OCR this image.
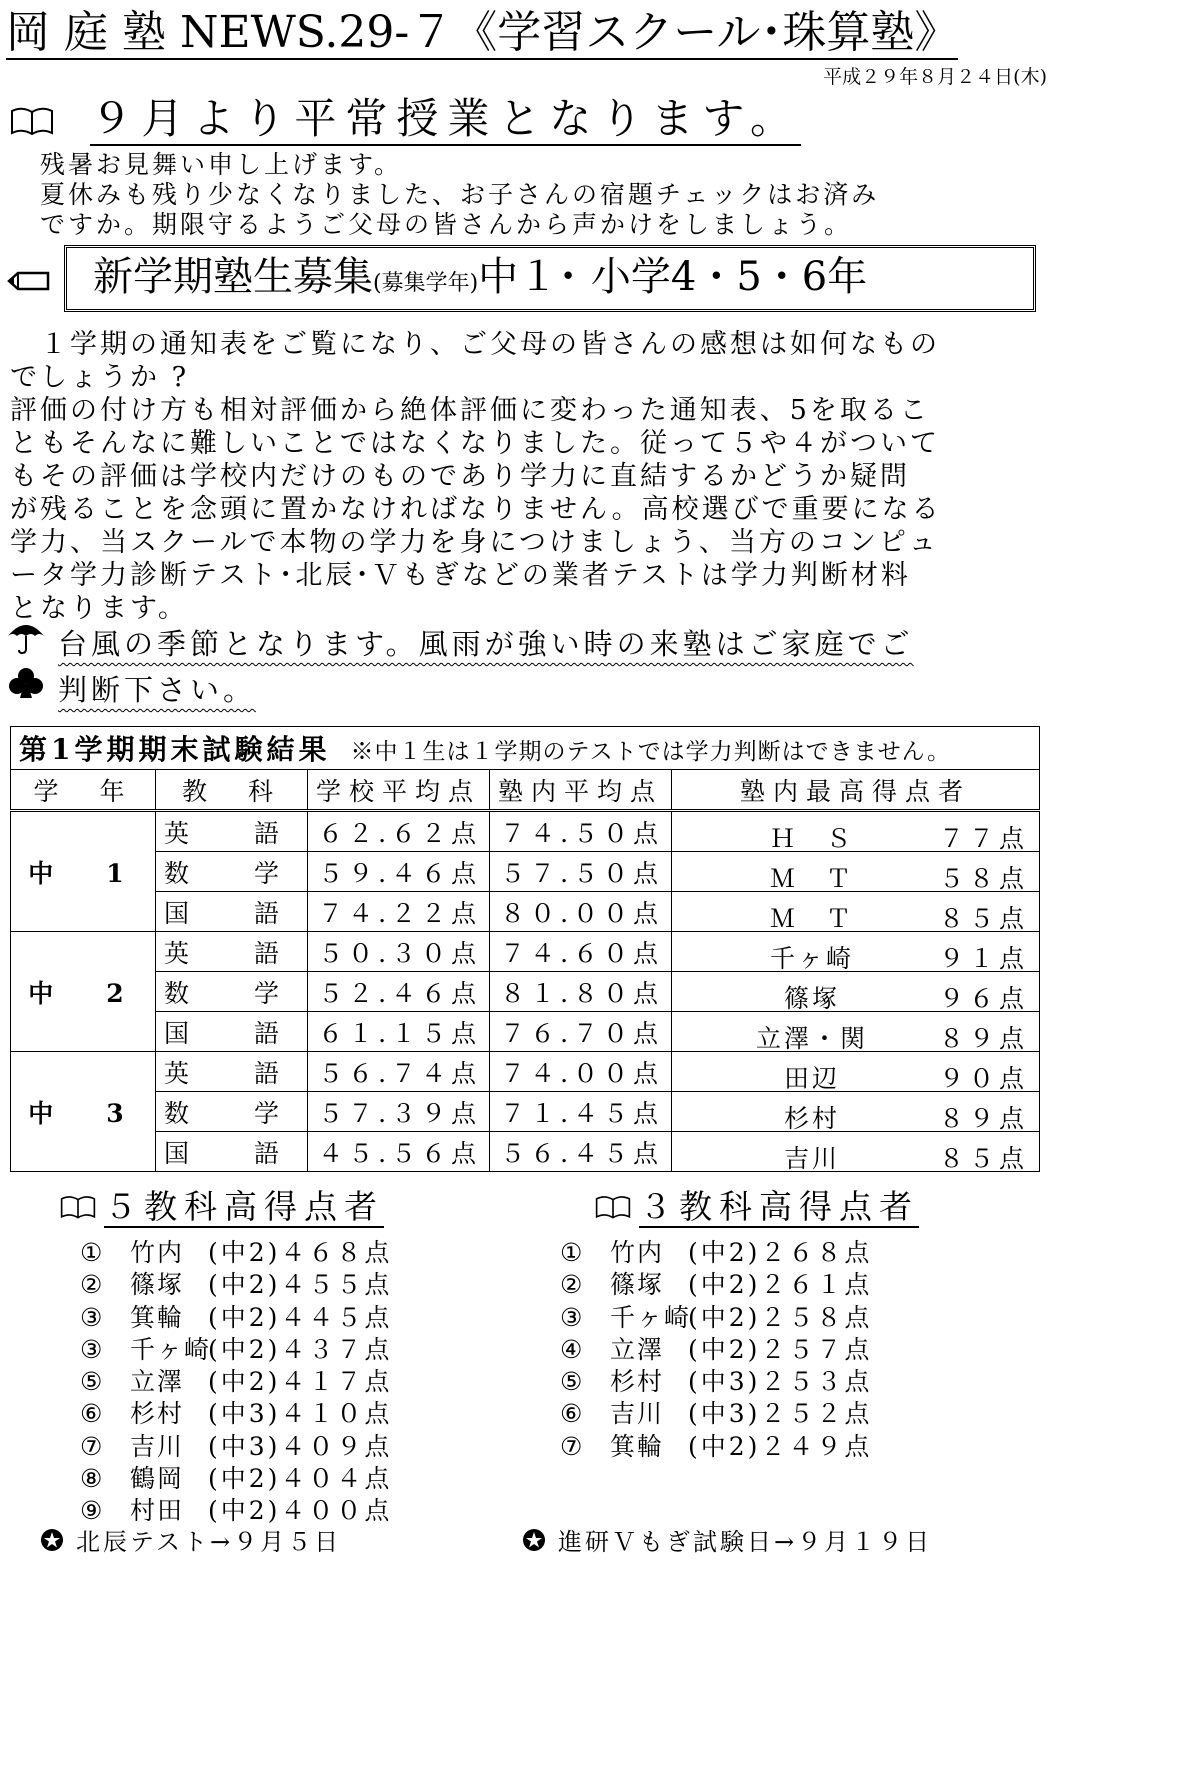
岡 庭 塾 NEWS.29-７《学習スクール･珠算塾》
平成２９年８月２４日(木)
９月より平常授業となります。
残暑お見舞い申し上げます。
夏休みも残り少なくなりました、お子さんの宿題チェックはお済み
ですか。期限守るようご父母の皆さんから声かけをしましょう。
新学期塾生募集(募集学年)中１･ 小学4・5・6年
　１学期の通知表をご覧になり、ご父母の皆さんの感想は如何なもの
でしょうか ?
評価の付け方も相対評価から絶体評価に変わった通知表、5を取るこ
ともそんなに難しいことではなくなりました。従って５や４がついて
もその評価は学校内だけのものであり学力に直結するかどうか疑問
が残ることを念頭に置かなければなりません。高校選びで重要になる
学力、当スクールで本物の学力を身につけましょう、当方のコンピュ
ータ学力診断テスト･北辰･Ｖもぎなどの業者テストは学力判断材料
となります。
台風の季節となります。風雨が強い時の来塾はご家庭でご
判断下さい。
第1学期期末試験結果 ※中１生は１学期のテストでは学力判断はできません。				
学　年	教　科	学校平均点	塾内平均点	塾内最高得点者
中　1	英　語	６２.６２点	７４.５０点	Ｈ　Ｓ ７７点

	数　学	５９.４６点	５７.５０点	Ｍ　Ｔ ５８点

	国　語	７４.２２点	８０.００点	Ｍ　Ｔ ８５点

中　2	英　語	５０.３０点	７４.６０点	千ヶ崎 ９１点

	数　学	５２.４６点	８１.８０点	篠塚 ９６点

	国　語	６１.１５点	７６.７０点	立澤・関 ８９点

中　3	英　語	５６.７４点	７４.００点	田辺 ９０点

	数　学	５７.３９点	７１.４５点	杉村 ８９点

	国　語	４５.５６点	５６.４５点	吉川 ８５点
５教科高得点者
① 竹内 (中2)４６８点
② 篠塚 (中2)４５５点
③ 箕輪 (中2)４４５点
③ 千ヶ崎(中2)４３７点
⑤ 立澤 (中2)４１７点
⑥ 杉村 (中3)４１０点
⑦ 吉川 (中3)４０９点
⑧ 鶴岡 (中2)４０４点
⑨ 村田 (中2)４００点
３教科高得点者
① 竹内 (中2)２６８点
② 篠塚 (中2)２６１点
③ 千ヶ崎(中2)２５８点
④ 立澤 (中2)２５７点
⑤ 杉村 (中3)２５３点
⑥ 吉川 (中3)２５２点
⑦ 箕輪 (中2)２４９点
北辰テスト→９月５日	進研Ｖもぎ試験日→９月１９日
